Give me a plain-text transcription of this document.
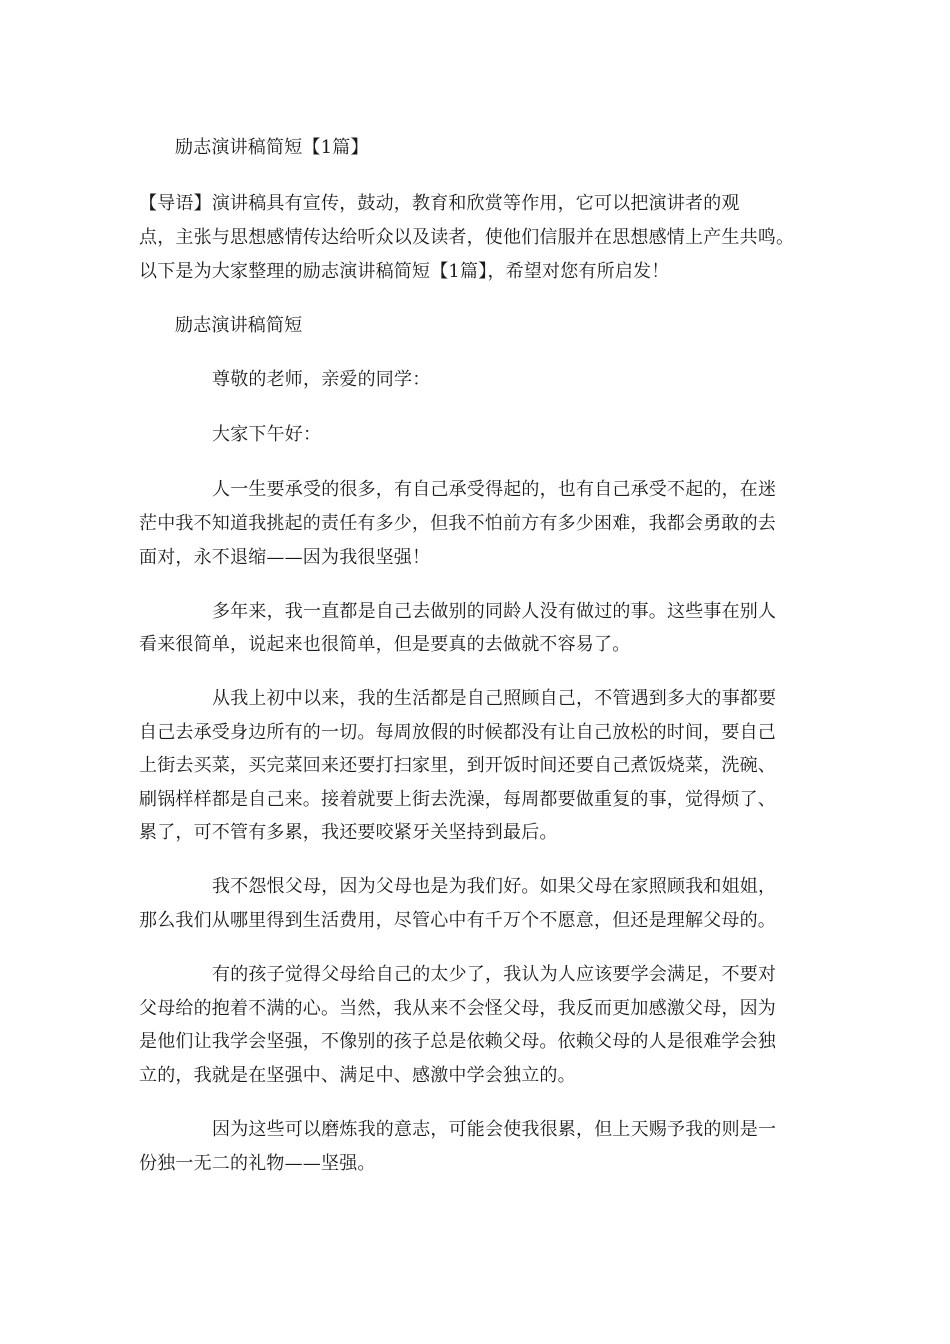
励志演讲稿简短【1篇】
【导语】演讲稿具有宣传，鼓动，教育和欣赏等作用，它可以把演讲者的观
点，主张与思想感情传达给听众以及读者，使他们信服并在思想感情上产生共鸣。
以下是为大家整理的励志演讲稿简短【1篇】，希望对您有所启发！
励志演讲稿简短
尊敬的老师，亲爱的同学：
大家下午好：
人一生要承受的很多，有自己承受得起的，也有自己承受不起的，在迷
茫中我不知道我挑起的责任有多少，但我不怕前方有多少困难，我都会勇敢的去
面对，永不退缩——因为我很坚强！
多年来，我一直都是自己去做别的同龄人没有做过的事。这些事在别人
看来很简单，说起来也很简单，但是要真的去做就不容易了。
从我上初中以来，我的生活都是自己照顾自己，不管遇到多大的事都要
自己去承受身边所有的一切。每周放假的时候都没有让自己放松的时间，要自己
上街去买菜，买完菜回来还要打扫家里，到开饭时间还要自己煮饭烧菜，洗碗、
刷锅样样都是自己来。接着就要上街去洗澡，每周都要做重复的事，觉得烦了、
累了，可不管有多累，我还要咬紧牙关坚持到最后。
我不怨恨父母，因为父母也是为我们好。如果父母在家照顾我和姐姐，
那么我们从哪里得到生活费用，尽管心中有千万个不愿意，但还是理解父母的。
有的孩子觉得父母给自己的太少了，我认为人应该要学会满足，不要对
父母给的抱着不满的心。当然，我从来不会怪父母，我反而更加感激父母，因为
是他们让我学会坚强，不像别的孩子总是依赖父母。依赖父母的人是很难学会独
立的，我就是在坚强中、满足中、感激中学会独立的。
因为这些可以磨炼我的意志，可能会使我很累，但上天赐予我的则是一
份独一无二的礼物——坚强。
